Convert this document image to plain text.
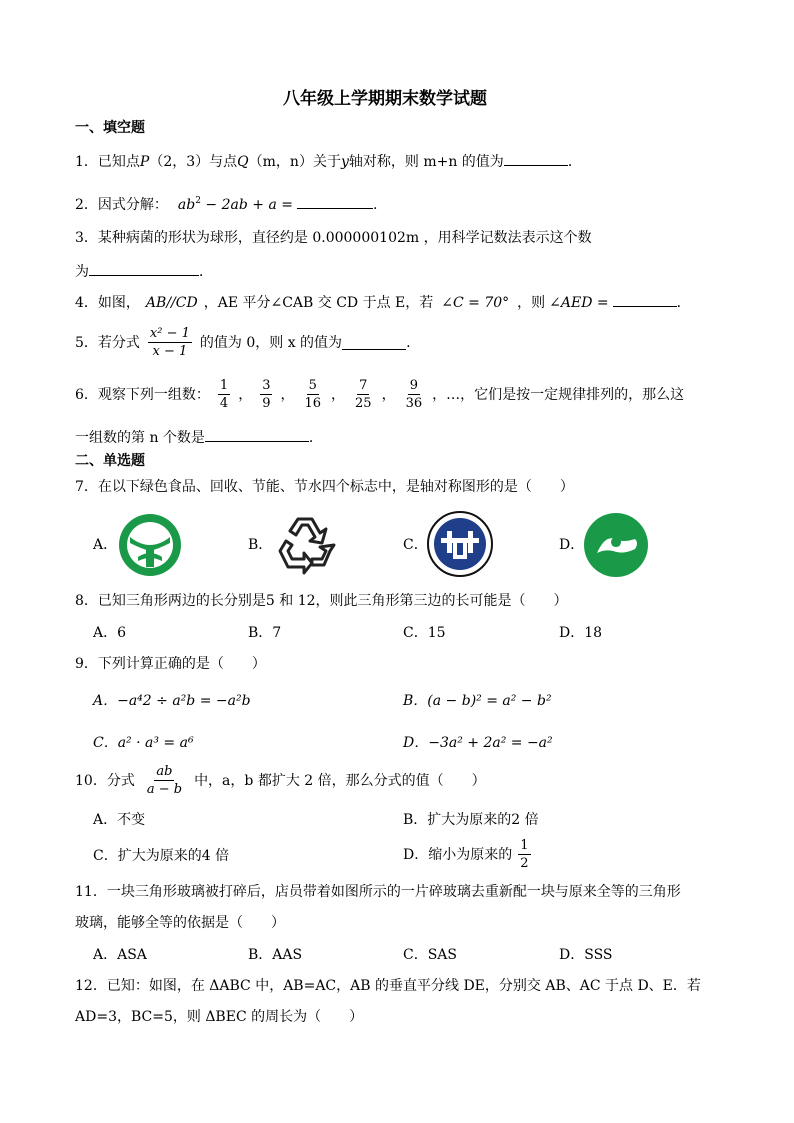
八年级上学期期末数学试题
一、填空题
1．已知点P（2，3）与点Q（m，n）关于y轴对称，则 m+n 的值为	．
2．因式分解： $ab^2 - 2ab + a$ =	.
3．某种病菌的形状为球形，直径约是 0.000000102m ，用科学记数法表示这个数
为	．
4．如图， AB//CD ，AE 平分∠CAB 交 CD 于点 E，若 ∠C = 70° ，则 ∠AED =	．
5．若分式 $\frac{\text{x² − 1}}{x - 1}$ 的值为 0，则 x 的值为	.
6．观察下列一组数： $\frac{1}{4}$ ， $\frac{3}{9}$ ， $\frac{5}{16}$ ， $\frac{7}{25}$ ， $\frac{9}{36}$ ，…，它们是按一定规律排列的，那么这
一组数的第 n 个数是	．
二、单选题
7．在以下绿色食品、回收、节能、节水四个标志中，是轴对称图形的是（　　）
A．	B．	C．	D．
8．已知三角形两边的长分别是5 和 12，则此三角形第三边的长可能是（　　）
A．6	B．7	C．15	D．18
9．下列计算正确的是（　　）
A．−a⁴2 ÷ a²b = −a²b	B．(a − b)² = a² − b²
C．a² · a³ = a⁶	D．−3a² + 2a² = −a²
10．分式 $\frac{ab}{a - b}$ 中，a，b 都扩大 2 倍，那么分式的值（　　）
A．不变	B．扩大为原来的2 倍
C．扩大为原来的4 倍	D．缩小为原来的 $\frac{1}{2}$
11．一块三角形玻璃被打碎后，店员带着如图所示的一片碎玻璃去重新配一块与原来全等的三角形
玻璃，能够全等的依据是（　　）
A．ASA	B．AAS	C．SAS	D．SSS
12．已知：如图，在 ΔABC 中，AB=AC，AB 的垂直平分线 DE，分别交 AB、AC 于点 D、E．若
AD=3，BC=5，则 ΔBEC 的周长为（　　）
